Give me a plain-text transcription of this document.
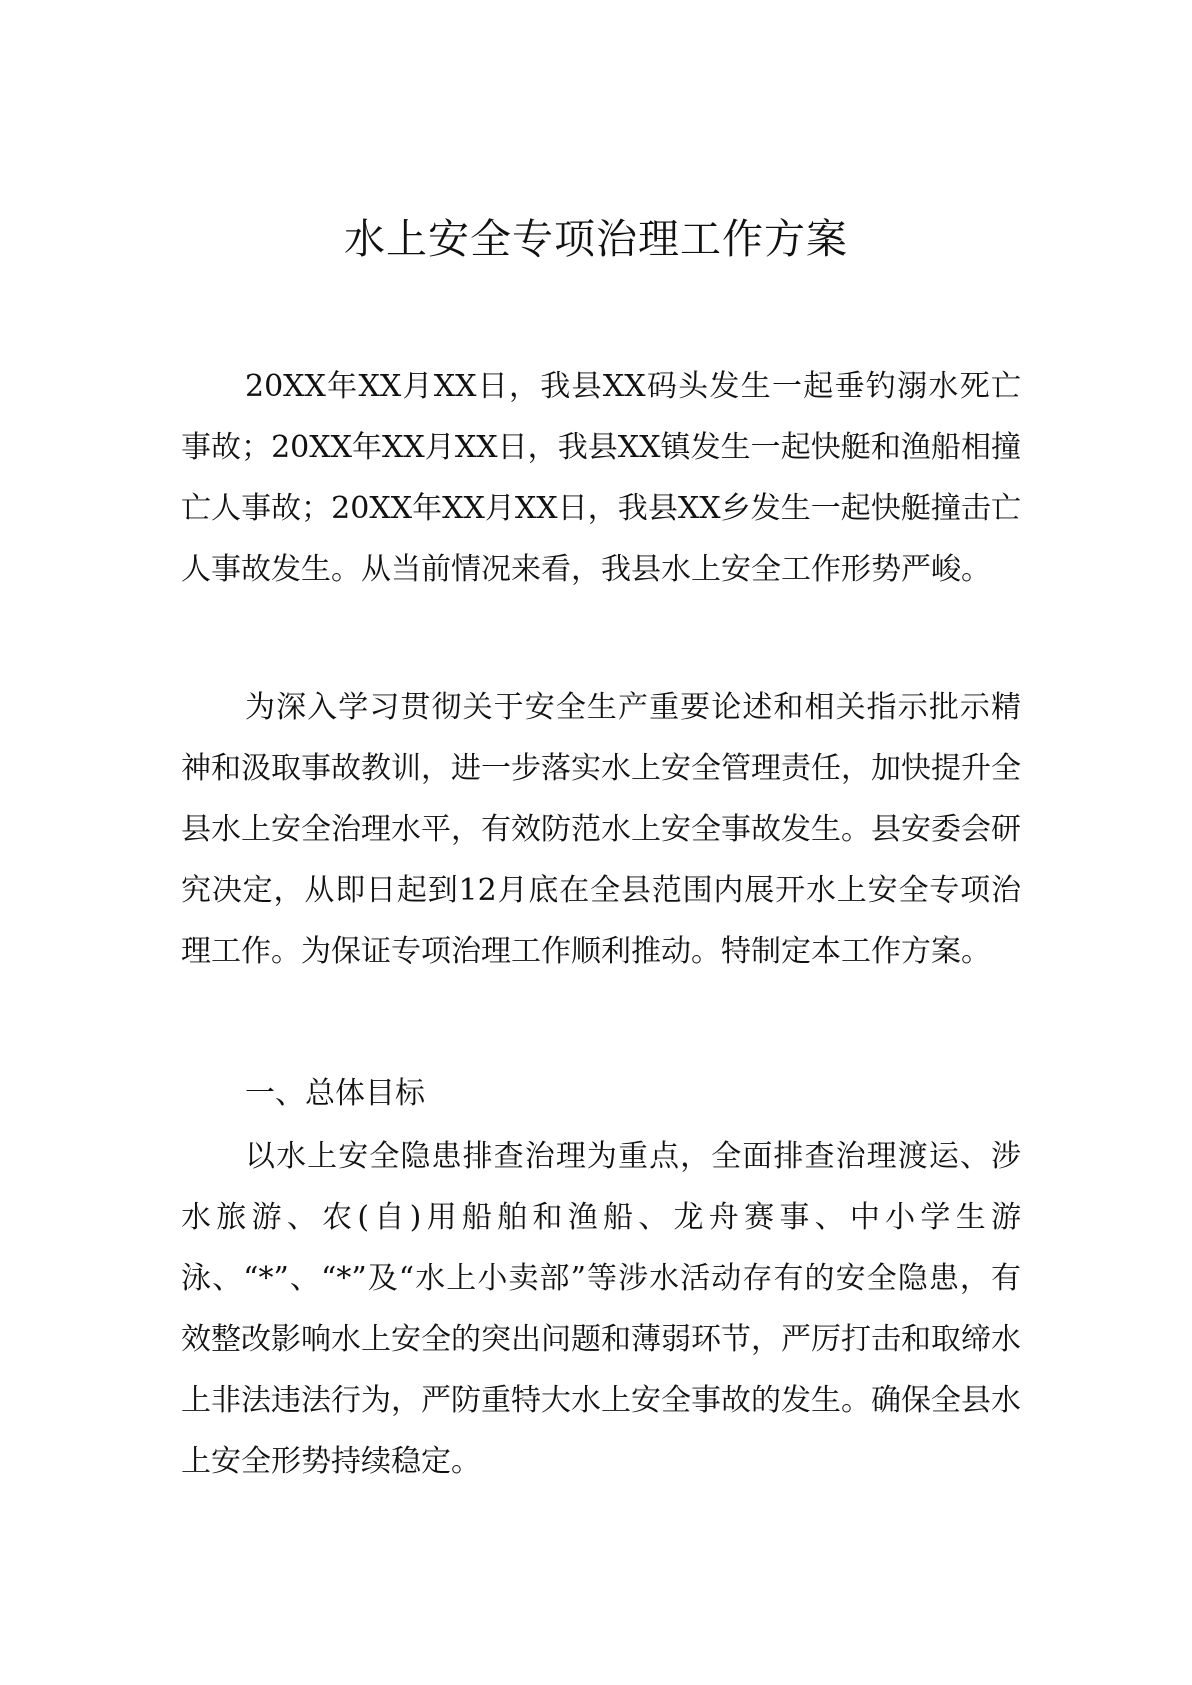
水上安全专项治理工作方案

20XX年XX月XX日，我县XX码头发生一起垂钓溺水死亡事故；20XX年XX月XX日，我县XX镇发生一起快艇和渔船相撞亡人事故；20XX年XX月XX日，我县XX乡发生一起快艇撞击亡人事故发生。从当前情况来看，我县水上安全工作形势严峻。

为深入学习贯彻关于安全生产重要论述和相关指示批示精神和汲取事故教训，进一步落实水上安全管理责任，加快提升全县水上安全治理水平，有效防范水上安全事故发生。县安委会研究决定，从即日起到12月底在全县范围内展开水上安全专项治理工作。为保证专项治理工作顺利推动。特制定本工作方案。

一、总体目标

以水上安全隐患排查治理为重点，全面排查治理渡运、涉水旅游、农(自)用船舶和渔船、龙舟赛事、中小学生游泳、“*”、“*”及“水上小卖部”等涉水活动存有的安全隐患，有效整改影响水上安全的突出问题和薄弱环节，严厉打击和取缔水上非法违法行为，严防重特大水上安全事故的发生。确保全县水上安全形势持续稳定。
